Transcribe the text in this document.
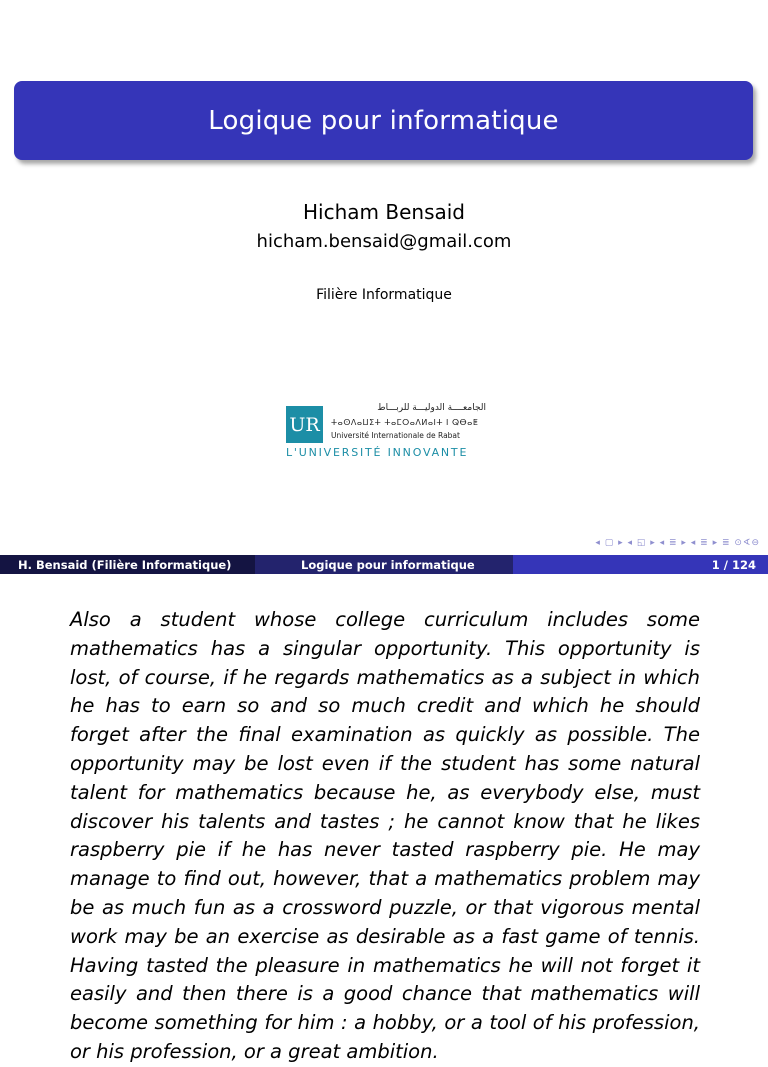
Logique pour informatique
Hicham Bensaid
hicham.bensaid@gmail.com
Filière Informatique
UR
الجامعــــة الدوليـــة للربـــاط
ⵜⴰⵙⴷⴰⵡⵉⵜ ⵜⴰⵎⵔⴰⴷⵍⴰⵏⵜ ⵏ ⵕⴱⴰⵟ
Université Internationale de Rabat
L'UNIVERSITÉ INNOVANTE
◂ ▢ ▸ ◂ ◱ ▸ ◂ ≣ ▸ ◂ ≣ ▸ ≣ ⊙∢⊖
H. Bensaid (Filière Informatique)	Logique pour informatique	1 / 124
Also a student whose college curriculum includes some mathematics has a singular opportunity. This opportunity is lost, of course, if he regards mathematics as a subject in which he has to earn so and so much credit and which he should forget after the final examination as quickly as possible. The opportunity may be lost even if the student has some natural talent for mathematics because he, as everybody else, must discover his talents and tastes ; he cannot know that he likes raspberry pie if he has never tasted raspberry pie. He may manage to find out, however, that a mathematics problem may be as much fun as a crossword puzzle, or that vigorous mental work may be an exercise as desirable as a fast game of tennis. Having tasted the pleasure in mathematics he will not forget it easily and then there is a good chance that mathematics will become something for him : a hobby, or a tool of his profession, or his profession, or a great ambition.
